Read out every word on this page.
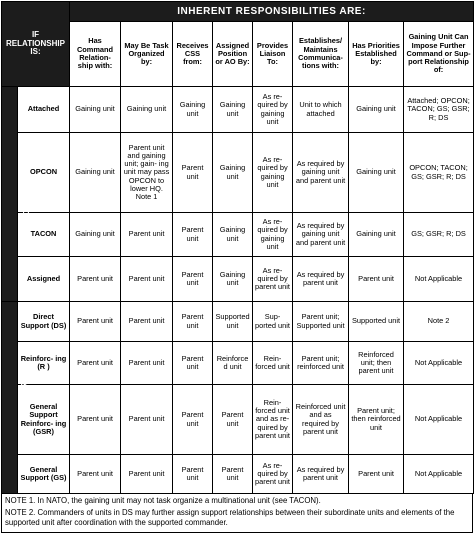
IF RELATIONSHIP IS:		INHERENT RESPONSIBILITIES ARE:							
		Has Command Relation- ship with:	May Be Task Organized by:	Receives CSS from:	Assigned Position or AO By:	Provides Liaison To:	Establishes/ Maintains Communica- tions with:	Has Priorities Established by:	Gaining Unit Can Impose Further Command or Sup- port Relationship of:
COMMAND	Attached	Gaining unit	Gaining unit	Gaining unit	Gaining unit	As re- quired by gaining unit	Unit to which attached	Gaining unit	Attached; OPCON; TACON; GS; GSR; R; DS
	OPCON	Gaining unit	Parent unit and gaining unit; gain- ing unit may pass OPCON to lower HQ. Note 1	Parent unit	Gaining unit	As re- quired by gaining unit	As required by gaining unit and parent unit	Gaining unit	OPCON; TACON; GS; GSR; R; DS
	TACON	Gaining unit	Parent unit	Parent unit	Gaining unit	As re- quired by gaining unit	As required by gaining unit and parent unit	Gaining unit	GS; GSR; R; DS
	Assigned	Parent unit	Parent unit	Parent unit	Gaining unit	As re- quired by parent unit	As required by parent unit	Parent unit	Not Applicable
SUPPORT	Direct Support (DS)	Parent unit	Parent unit	Parent unit	Supported unit	Sup- ported unit	Parent unit; Supported unit	Supported unit	Note 2
	Reinforc- ing (R )	Parent unit	Parent unit	Parent unit	Reinforced unit	Rein- forced unit	Parent unit; reinforced unit	Reinforced unit; then parent unit	Not Applicable
	General Support Reinforc- ing (GSR)	Parent unit	Parent unit	Parent unit	Parent unit	Rein- forced unit and as re- quired by parent unit	Reinforced unit and as required by parent unit	Parent unit; then reinforced unit	Not Applicable
	General Support (GS)	Parent unit	Parent unit	Parent unit	Parent unit	As re- quired by parent unit	As required by parent unit	Parent unit	Not Applicable

NOTE 1. In NATO, the gaining unit may not task organize a multinational unit (see TACON).

NOTE 2. Commanders of units in DS may further assign support relationships between their subordinate units and elements of the supported unit after coordination with the supported commander.
